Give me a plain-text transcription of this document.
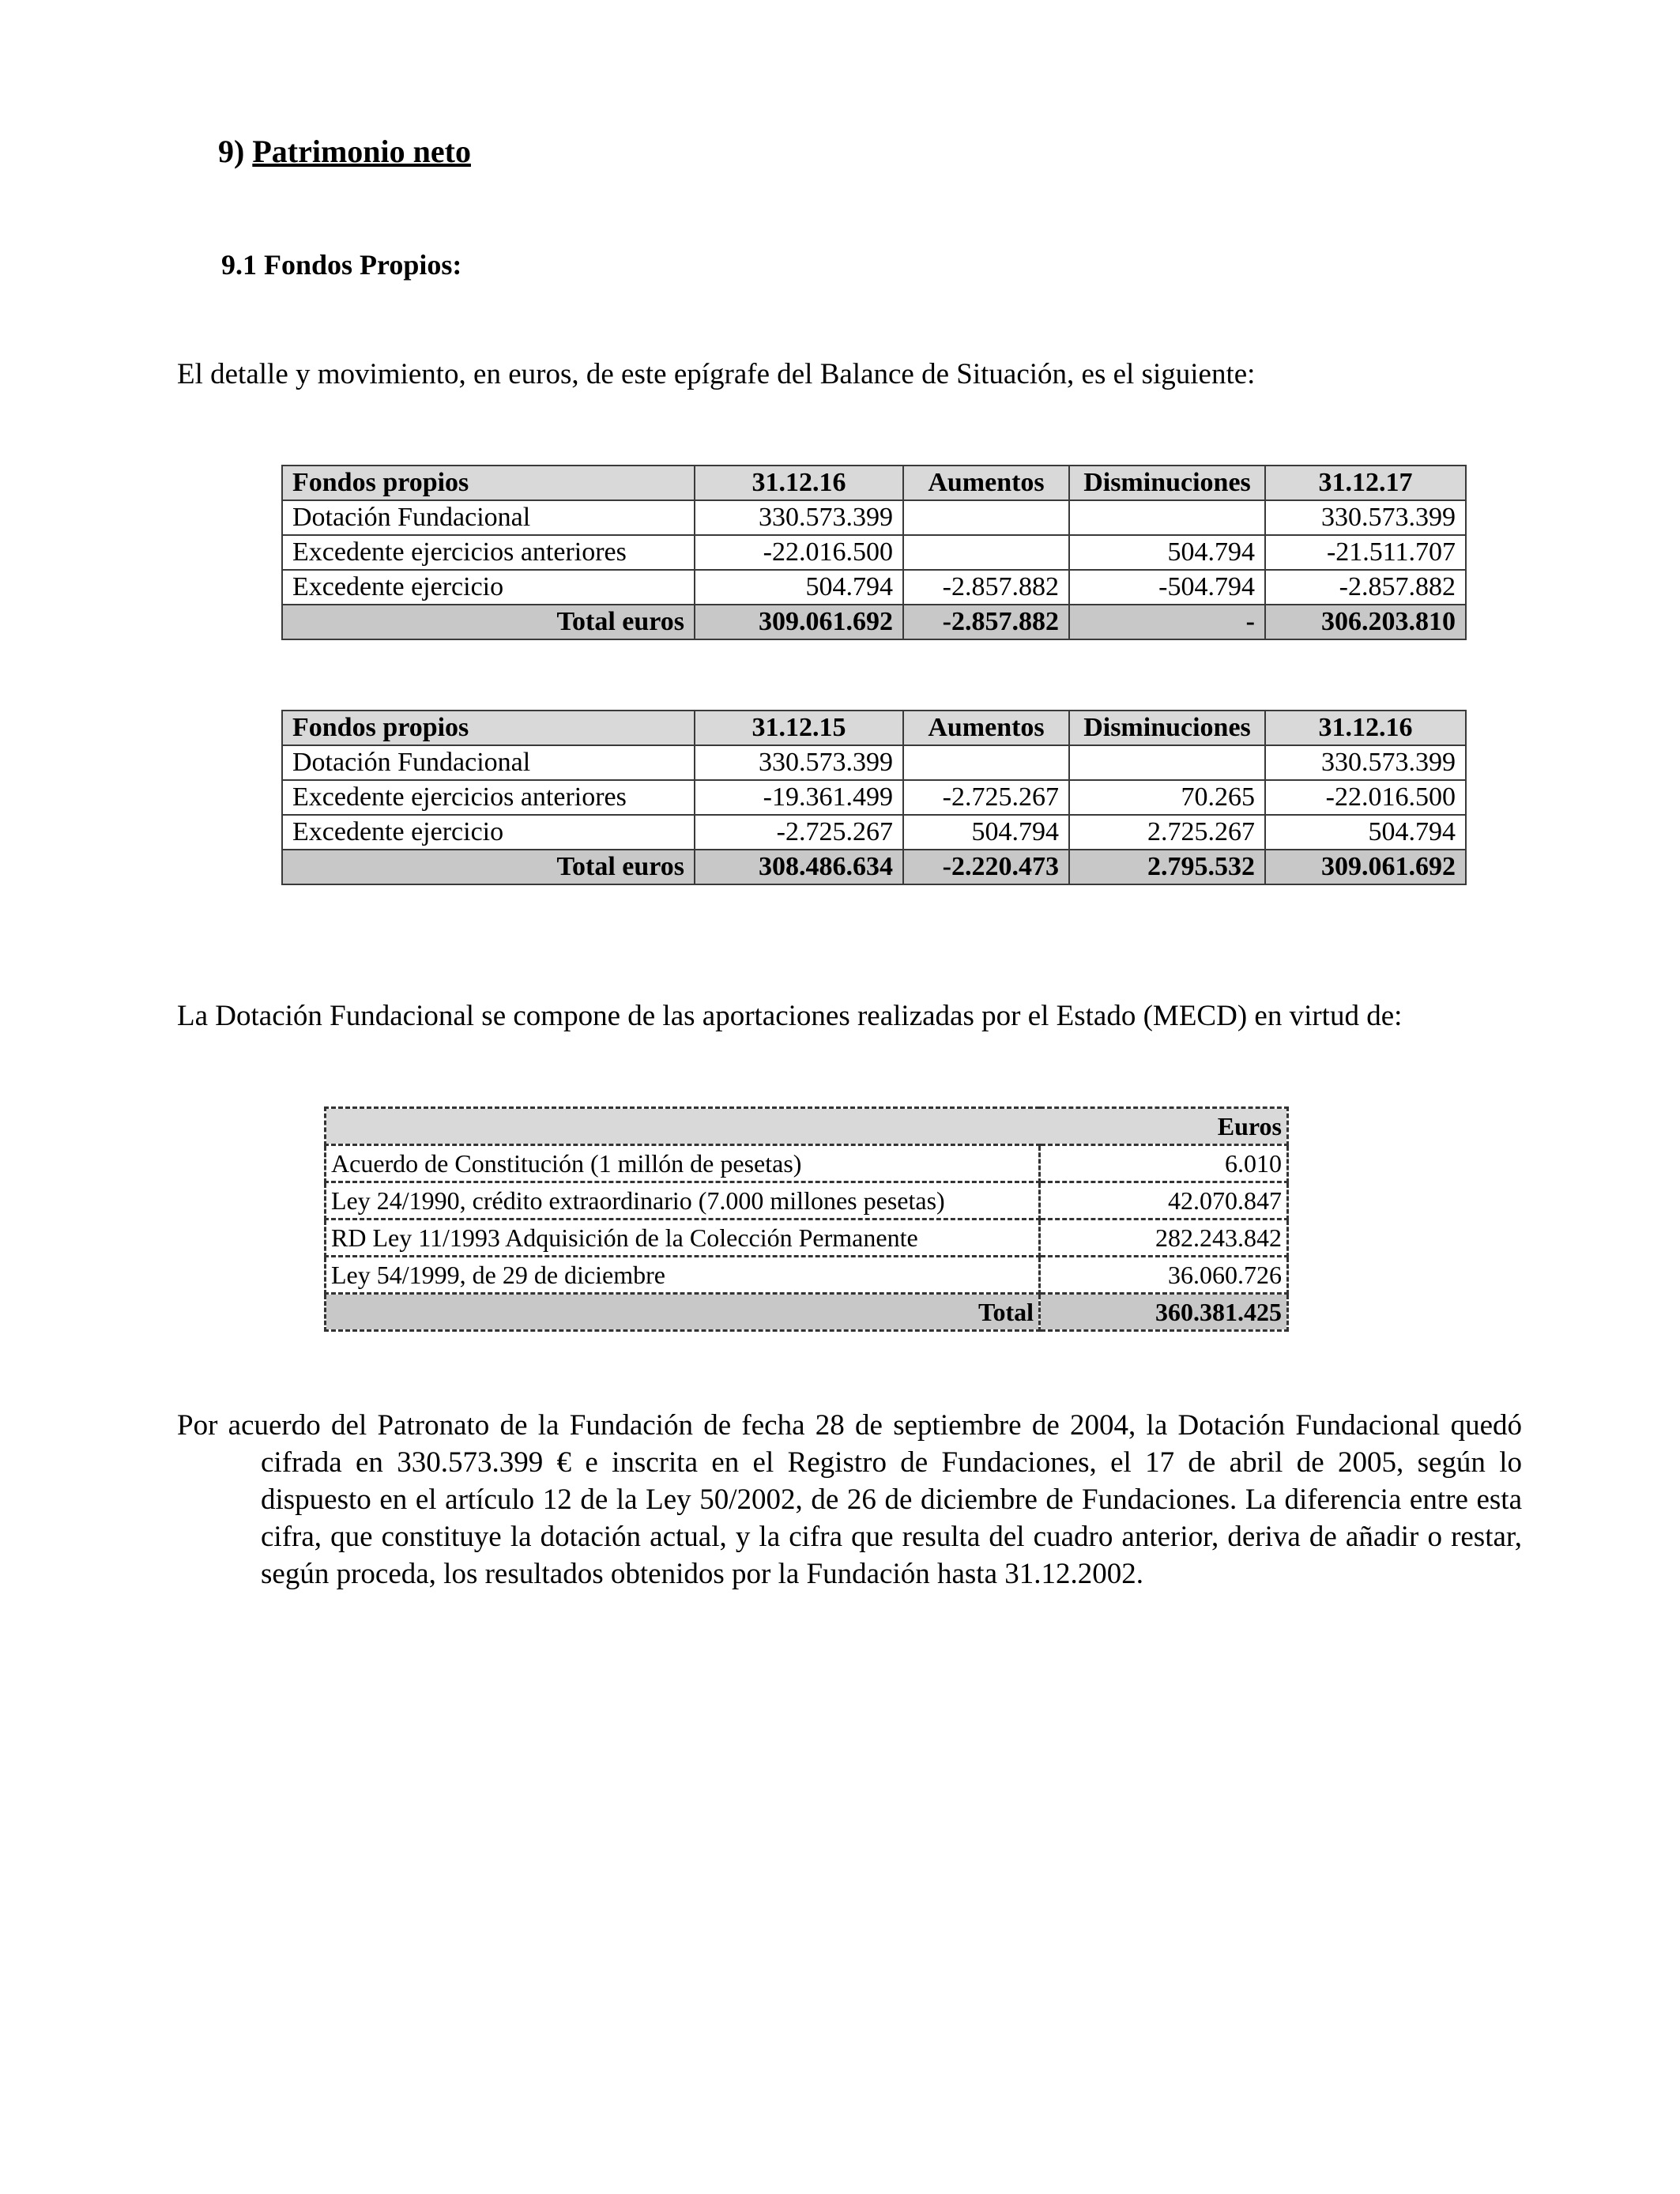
9) Patrimonio neto
9.1 Fondos Propios:

El detalle y movimiento, en euros, de este epígrafe del Balance de Situación, es el siguiente:

Fondos propios	31.12.16	Aumentos	Disminuciones	31.12.17
Dotación Fundacional	330.573.399			330.573.399
Excedente ejercicios anteriores	-22.016.500		504.794	-21.511.707
Excedente ejercicio	504.794	-2.857.882	-504.794	-2.857.882
Total euros	309.061.692	-2.857.882	-	306.203.810
Fondos propios	31.12.15	Aumentos	Disminuciones	31.12.16
Dotación Fundacional	330.573.399			330.573.399
Excedente ejercicios anteriores	-19.361.499	-2.725.267	70.265	-22.016.500
Excedente ejercicio	-2.725.267	504.794	2.725.267	504.794
Total euros	308.486.634	-2.220.473	2.795.532	309.061.692

La Dotación Fundacional se compone de las aportaciones realizadas por el Estado (MECD) en virtud de:

	Euros
Acuerdo de Constitución (1 millón de pesetas)	6.010
Ley 24/1990, crédito extraordinario (7.000 millones pesetas)	42.070.847
RD Ley 11/1993 Adquisición de la Colección Permanente	282.243.842
Ley 54/1999, de 29 de diciembre	36.060.726
Total	360.381.425

Por acuerdo del Patronato de la Fundación de fecha 28 de septiembre de 2004, la Dotación Fundacional quedó cifrada en 330.573.399 € e inscrita en el Registro de Fundaciones, el 17 de abril de 2005, según lo dispuesto en el artículo 12 de la Ley 50/2002, de 26 de diciembre de Fundaciones. La diferencia entre esta cifra, que constituye la dotación actual, y la cifra que resulta del cuadro anterior, deriva de añadir o restar, según proceda, los resultados obtenidos por la Fundación hasta 31.12.2002.
